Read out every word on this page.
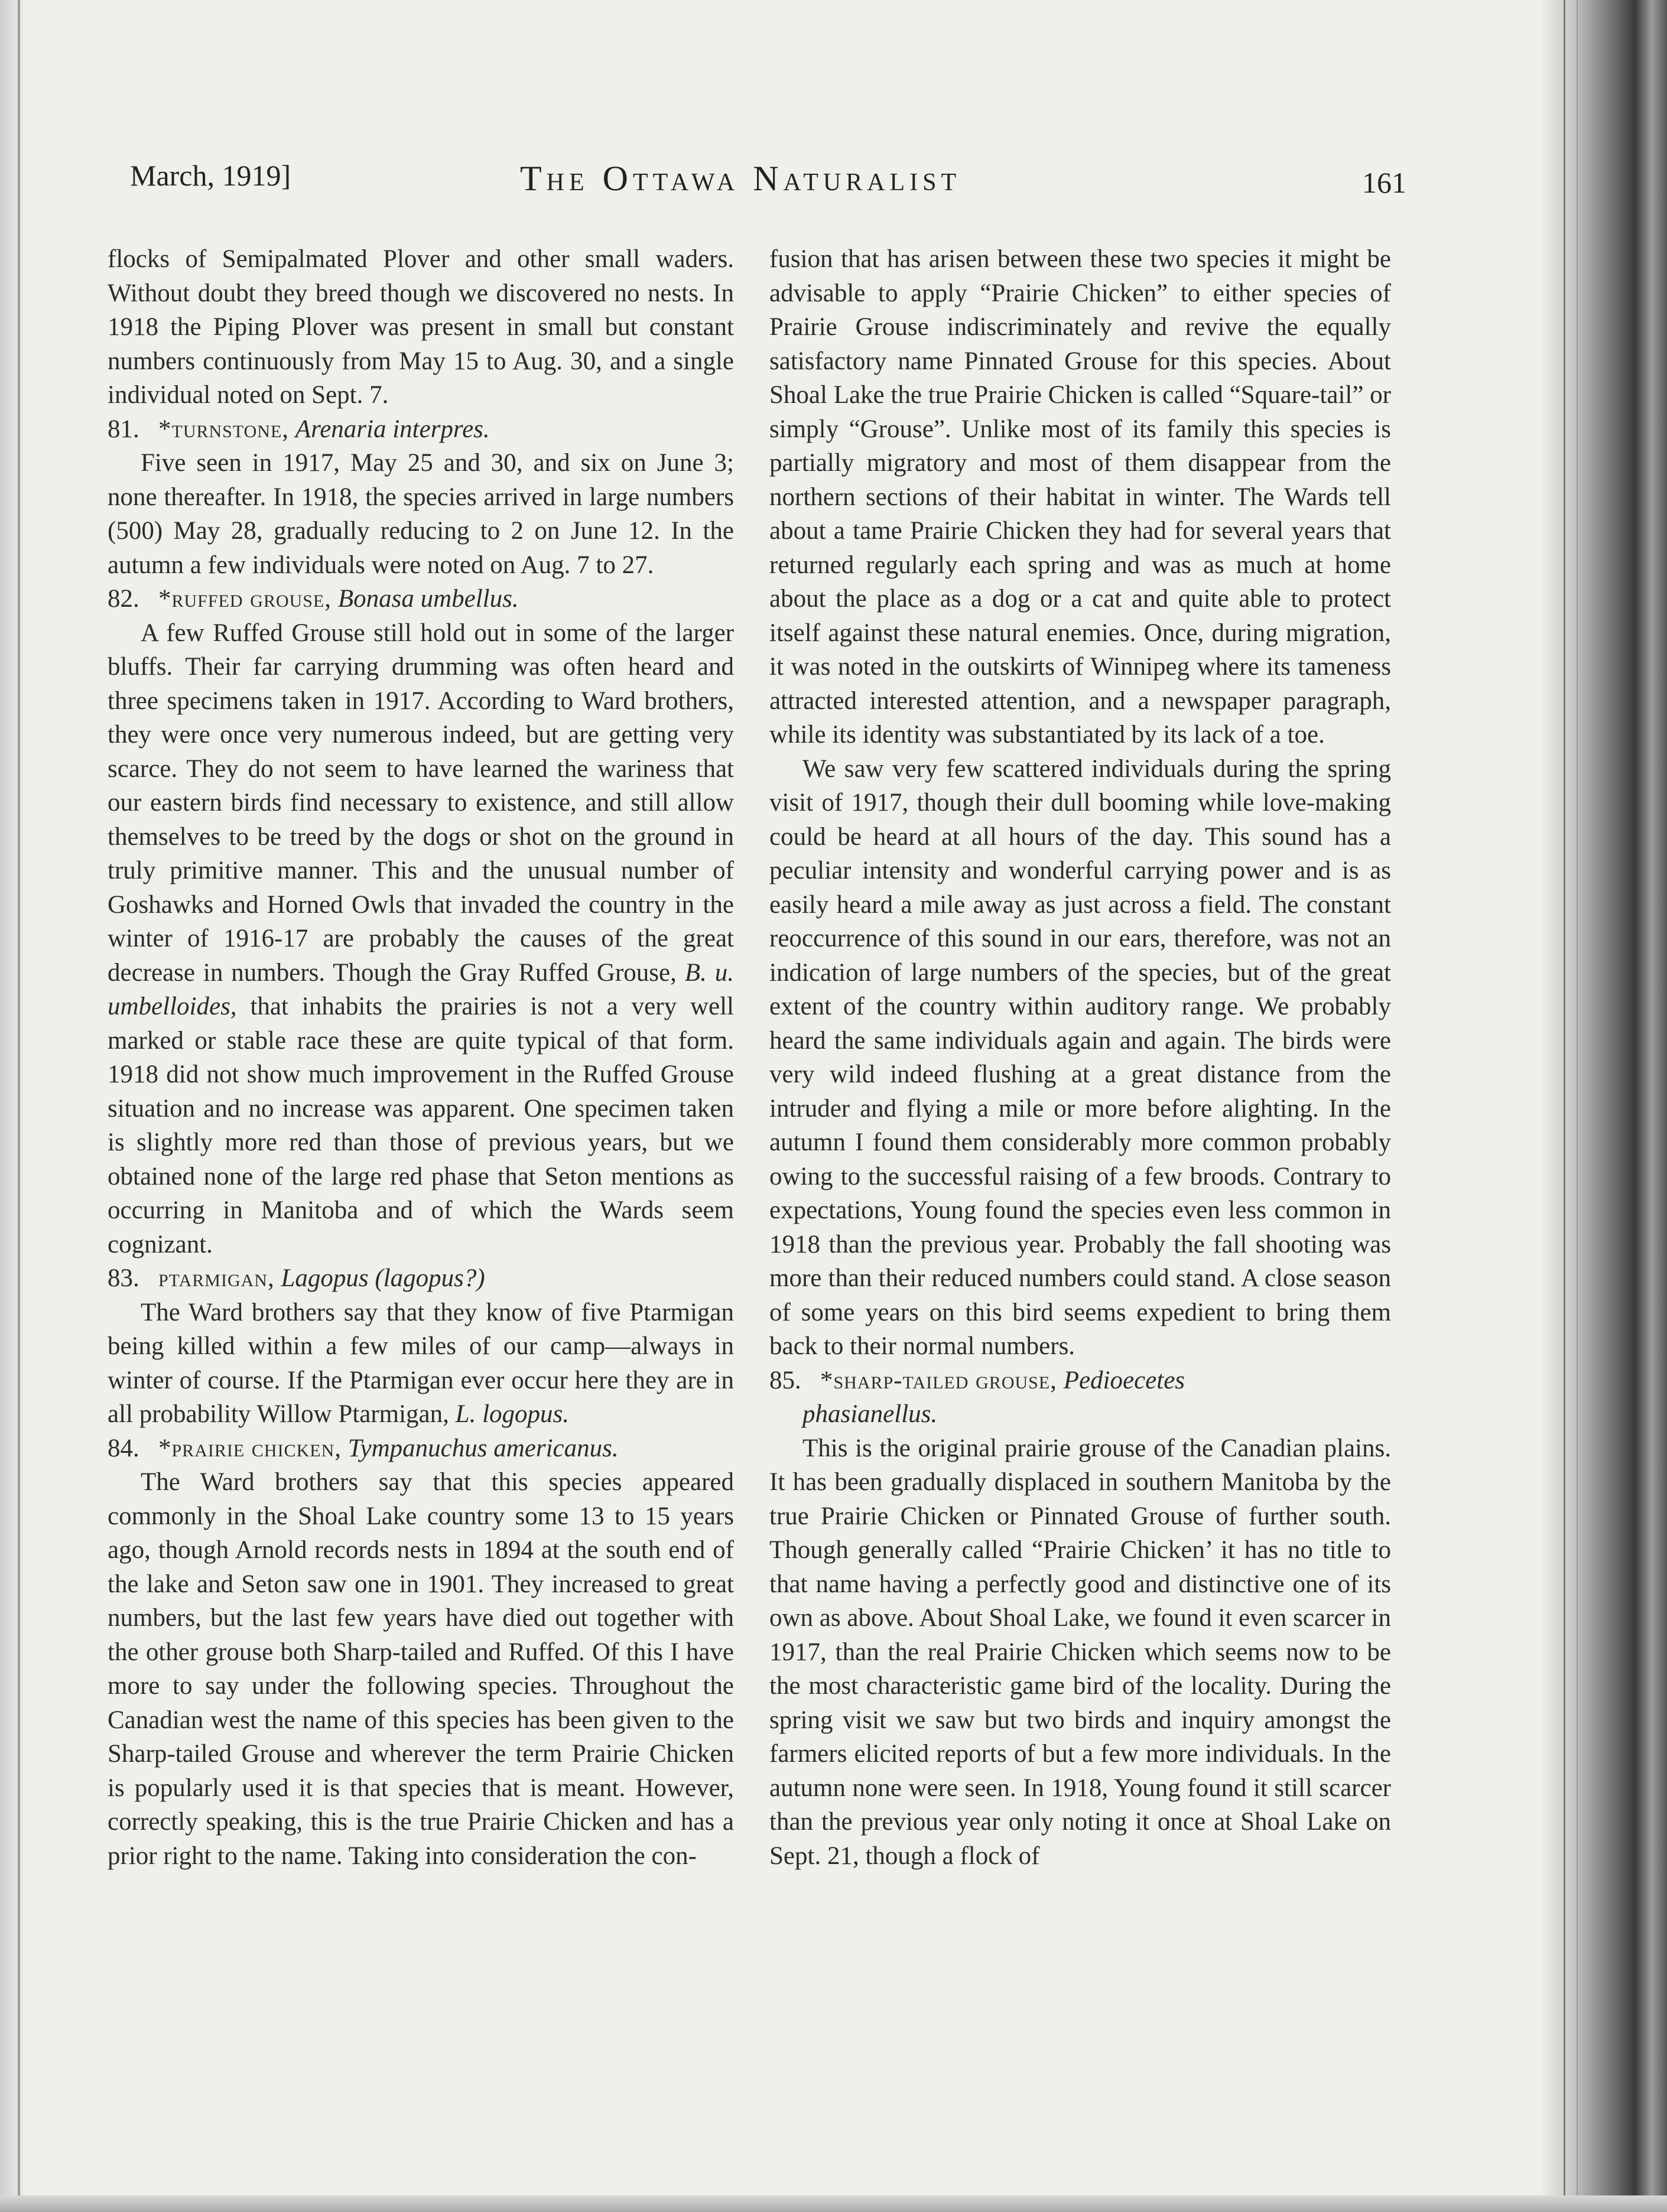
March, 1919]	The Ottawa Naturalist	161

flocks of Semipalmated Plover and other small waders. Without doubt they breed though we discovered no nests. In 1918 the Piping Plover was present in small but constant numbers continuously from May 15 to Aug. 30, and a single individual noted on Sept. 7.

81. *turnstone, Arenaria interpres.

Five seen in 1917, May 25 and 30, and six on June 3; none thereafter. In 1918, the species arrived in large numbers (500) May 28, gradually reducing to 2 on June 12. In the autumn a few individuals were noted on Aug. 7 to 27.

82. *ruffed grouse, Bonasa umbellus.

A few Ruffed Grouse still hold out in some of the larger bluffs. Their far carrying drumming was often heard and three specimens taken in 1917. According to Ward brothers, they were once very numerous indeed, but are getting very scarce. They do not seem to have learned the wariness that our eastern birds find necessary to existence, and still allow themselves to be treed by the dogs or shot on the ground in truly primitive manner. This and the unusual number of Goshawks and Horned Owls that invaded the country in the winter of 1916-17 are probably the causes of the great decrease in numbers. Though the Gray Ruffed Grouse, B. u. umbelloides, that inhabits the prairies is not a very well marked or stable race these are quite typical of that form. 1918 did not show much improvement in the Ruffed Grouse situation and no increase was apparent. One specimen taken is slightly more red than those of previous years, but we obtained none of the large red phase that Seton mentions as occurring in Manitoba and of which the Wards seem cognizant.

83. ptarmigan, Lagopus (lagopus?)

The Ward brothers say that they know of five Ptarmigan being killed within a few miles of our camp—always in winter of course. If the Ptarmigan ever occur here they are in all probability Willow Ptarmigan, L. logopus.

84. *prairie chicken, Tympanuchus americanus.

The Ward brothers say that this species appeared commonly in the Shoal Lake country some 13 to 15 years ago, though Arnold records nests in 1894 at the south end of the lake and Seton saw one in 1901. They increased to great numbers, but the last few years have died out together with the other grouse both Sharp-tailed and Ruffed. Of this I have more to say under the following species. Throughout the Canadian west the name of this species has been given to the Sharp-tailed Grouse and wherever the term Prairie Chicken is popularly used it is that species that is meant. However, correctly speaking, this is the true Prairie Chicken and has a prior right to the name. Taking into consideration the con-

fusion that has arisen between these two species it might be advisable to apply “Prairie Chicken” to either species of Prairie Grouse indiscriminately and revive the equally satisfactory name Pinnated Grouse for this species. About Shoal Lake the true Prairie Chicken is called “Square-tail” or simply “Grouse”. Unlike most of its family this species is partially migratory and most of them disappear from the northern sections of their habitat in winter. The Wards tell about a tame Prairie Chicken they had for several years that returned regularly each spring and was as much at home about the place as a dog or a cat and quite able to protect itself against these natural enemies. Once, during migration, it was noted in the outskirts of Winnipeg where its tameness attracted interested attention, and a newspaper paragraph, while its identity was substantiated by its lack of a toe.

We saw very few scattered individuals during the spring visit of 1917, though their dull booming while love-making could be heard at all hours of the day. This sound has a peculiar intensity and wonderful carrying power and is as easily heard a mile away as just across a field. The constant reoccurrence of this sound in our ears, therefore, was not an indication of large numbers of the species, but of the great extent of the country within auditory range. We probably heard the same individuals again and again. The birds were very wild indeed flushing at a great distance from the intruder and flying a mile or more before alighting. In the autumn I found them considerably more common probably owing to the successful raising of a few broods. Contrary to expectations, Young found the species even less common in 1918 than the previous year. Probably the fall shooting was more than their reduced numbers could stand. A close season of some years on this bird seems expedient to bring them back to their normal numbers.

85. *sharp-tailed grouse, Pedioecetes

phasianellus.

This is the original prairie grouse of the Canadian plains. It has been gradually displaced in southern Manitoba by the true Prairie Chicken or Pinnated Grouse of further south. Though generally called “Prairie Chicken’ it has no title to that name having a perfectly good and distinctive one of its own as above. About Shoal Lake, we found it even scarcer in 1917, than the real Prairie Chicken which seems now to be the most characteristic game bird of the locality. During the spring visit we saw but two birds and inquiry amongst the farmers elicited reports of but a few more individuals. In the autumn none were seen. In 1918, Young found it still scarcer than the previous year only noting it once at Shoal Lake on Sept. 21, though a flock of
